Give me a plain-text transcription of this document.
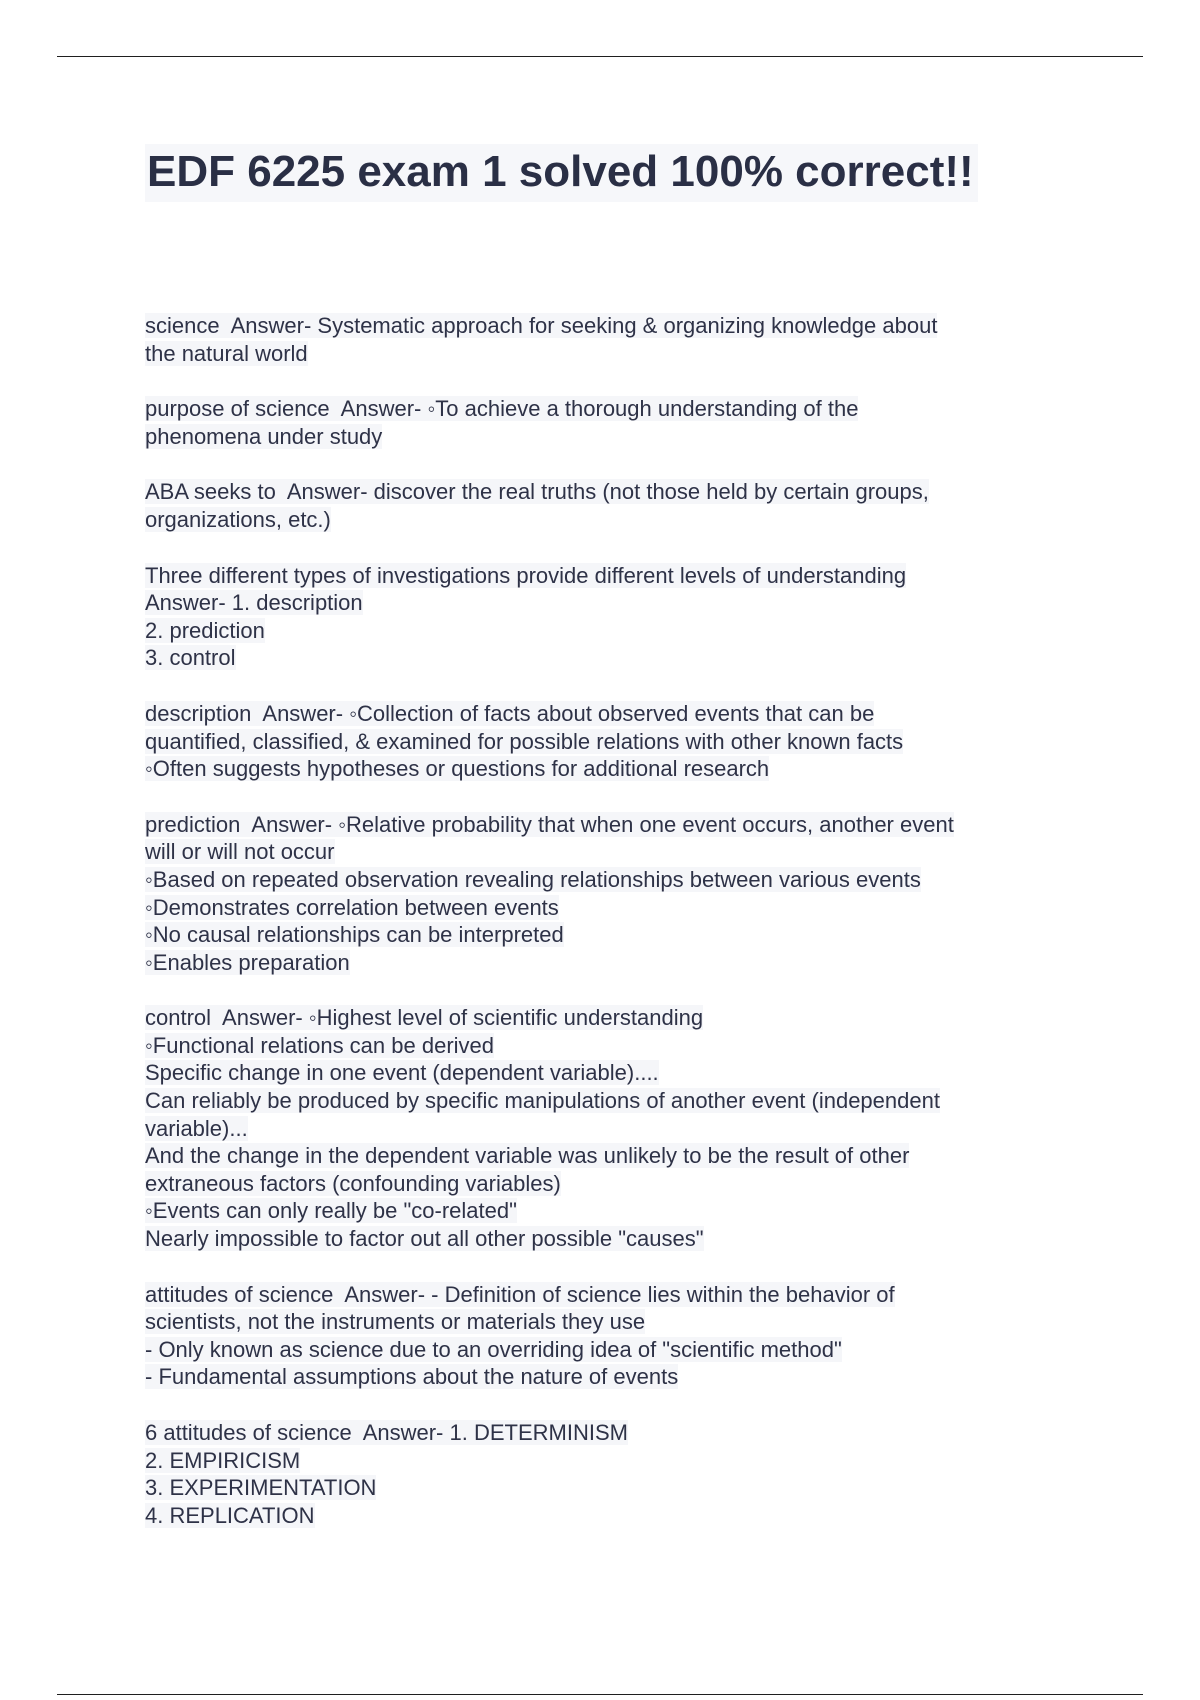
EDF 6225 exam 1 solved 100% correct!!
science  Answer- Systematic approach for seeking & organizing knowledge about
the natural world
purpose of science  Answer- ◦To achieve a thorough understanding of the
phenomena under study
ABA seeks to  Answer- discover the real truths (not those held by certain groups,
organizations, etc.)
Three different types of investigations provide different levels of understanding
Answer- 1. description
2. prediction
3. control
description  Answer- ◦Collection of facts about observed events that can be
quantified, classified, & examined for possible relations with other known facts
◦Often suggests hypotheses or questions for additional research
prediction  Answer- ◦Relative probability that when one event occurs, another event
will or will not occur
◦Based on repeated observation revealing relationships between various events
◦Demonstrates correlation between events
◦No causal relationships can be interpreted
◦Enables preparation
control  Answer- ◦Highest level of scientific understanding
◦Functional relations can be derived
Specific change in one event (dependent variable)....
Can reliably be produced by specific manipulations of another event (independent
variable)...
And the change in the dependent variable was unlikely to be the result of other
extraneous factors (confounding variables)
◦Events can only really be "co-related"
Nearly impossible to factor out all other possible "causes"
attitudes of science  Answer- - Definition of science lies within the behavior of
scientists, not the instruments or materials they use
- Only known as science due to an overriding idea of "scientific method"
- Fundamental assumptions about the nature of events
6 attitudes of science  Answer- 1. DETERMINISM
2. EMPIRICISM
3. EXPERIMENTATION
4. REPLICATION
